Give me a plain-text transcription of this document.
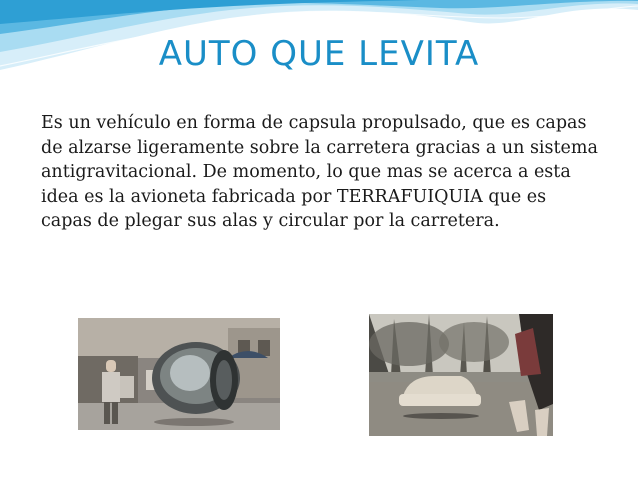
AUTO QUE LEVITA
Es un vehículo en forma de capsula propulsado, que es capas de alzarse ligeramente sobre la carretera gracias a un sistema antigravitacional. De momento, lo que mas se acerca a esta idea es la avioneta fabricada por TERRAFUIQUIA que es capas de plegar sus alas y circular por la carretera.
